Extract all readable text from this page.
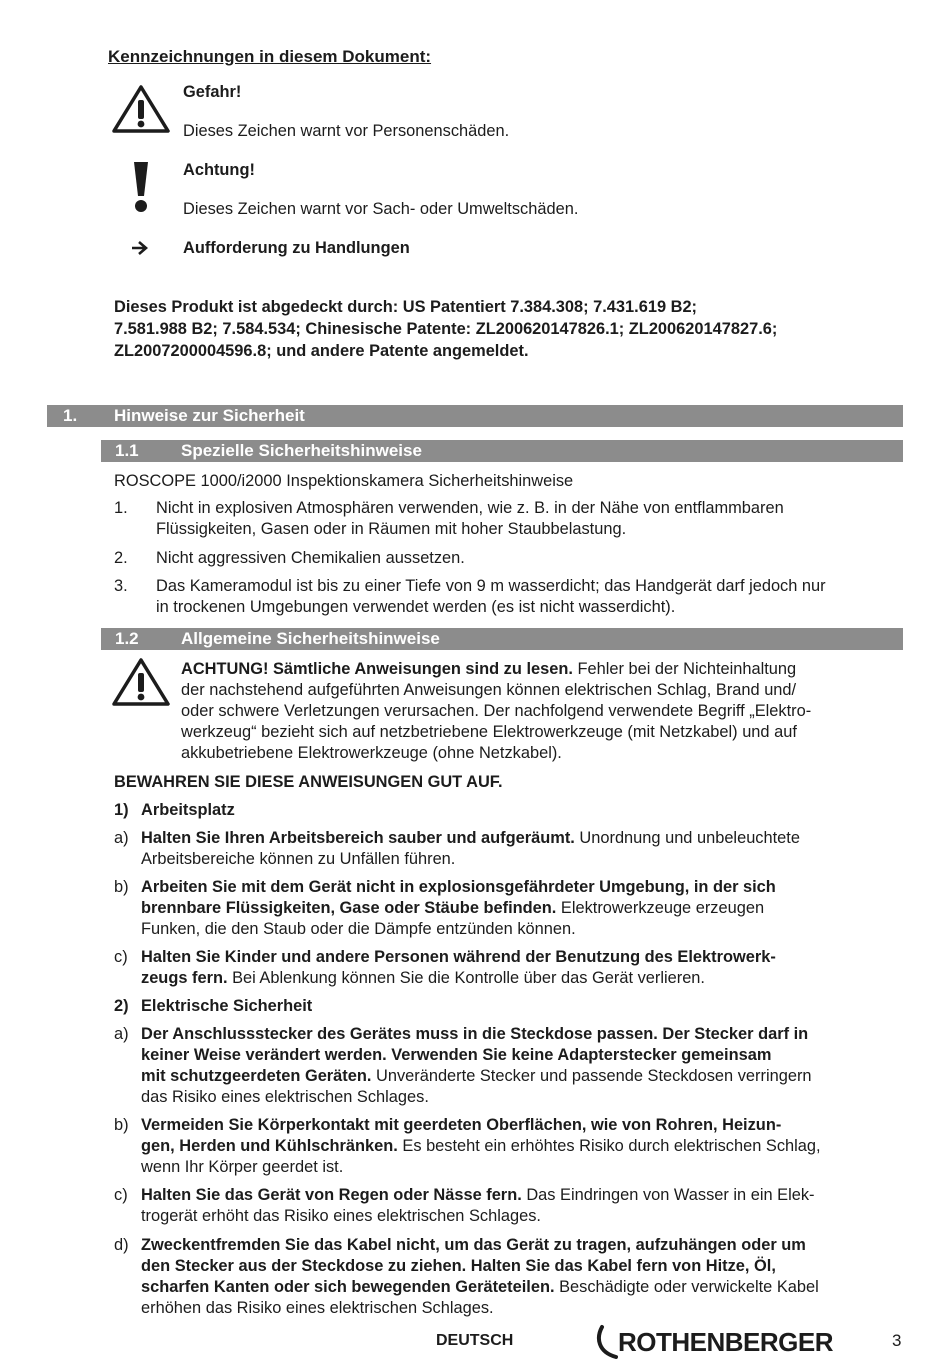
Kennzeichnungen in diesem Dokument:
Gefahr!
Dieses Zeichen warnt vor Personenschäden.
Achtung!
Dieses Zeichen warnt vor Sach- oder Umweltschäden.
Aufforderung zu Handlungen
Dieses Produkt ist abgedeckt durch: US Patentiert 7.384.308; 7.431.619 B2;
7.581.988 B2; 7.584.534; Chinesische Patente: ZL200620147826.1; ZL200620147827.6;
ZL2007200004596.8; und andere Patente angemeldet.
1. Hinweise zur Sicherheit
1.1 Spezielle Sicherheitshinweise
ROSCOPE 1000/i2000 Inspektionskamera Sicherheitshinweise
1. Nicht in explosiven Atmosphären verwenden, wie z. B. in der Nähe von entflammbaren
Flüssigkeiten, Gasen oder in Räumen mit hoher Staubbelastung.
2. Nicht aggressiven Chemikalien aussetzen.
3. Das Kameramodul ist bis zu einer Tiefe von 9 m wasserdicht; das Handgerät darf jedoch nur
in trockenen Umgebungen verwendet werden (es ist nicht wasserdicht).
1.2 Allgemeine Sicherheitshinweise
ACHTUNG! Sämtliche Anweisungen sind zu lesen. Fehler bei der Nichteinhaltung
der nachstehend aufgeführten Anweisungen können elektrischen Schlag, Brand und/
oder schwere Verletzungen verursachen. Der nachfolgend verwendete Begriff „Elektro-
werkzeug“ bezieht sich auf netzbetriebene Elektrowerkzeuge (mit Netzkabel) und auf
akkubetriebene Elektrowerkzeuge (ohne Netzkabel).
BEWAHREN SIE DIESE ANWEISUNGEN GUT AUF.
1) Arbeitsplatz
a) Halten Sie Ihren Arbeitsbereich sauber und aufgeräumt. Unordnung und unbeleuchtete
Arbeitsbereiche können zu Unfällen führen.
b) Arbeiten Sie mit dem Gerät nicht in explosionsgefährdeter Umgebung, in der sich
brennbare Flüssigkeiten, Gase oder Stäube befinden. Elektrowerkzeuge erzeugen
Funken, die den Staub oder die Dämpfe entzünden können.
c) Halten Sie Kinder und andere Personen während der Benutzung des Elektrowerk-
zeugs fern. Bei Ablenkung können Sie die Kontrolle über das Gerät verlieren.
2) Elektrische Sicherheit
a) Der Anschlussstecker des Gerätes muss in die Steckdose passen. Der Stecker darf in
keiner Weise verändert werden. Verwenden Sie keine Adapterstecker gemeinsam
mit schutzgeerdeten Geräten. Unveränderte Stecker und passende Steckdosen verringern
das Risiko eines elektrischen Schlages.
b) Vermeiden Sie Körperkontakt mit geerdeten Oberflächen, wie von Rohren, Heizun-
gen, Herden und Kühlschränken. Es besteht ein erhöhtes Risiko durch elektrischen Schlag,
wenn Ihr Körper geerdet ist.
c) Halten Sie das Gerät von Regen oder Nässe fern. Das Eindringen von Wasser in ein Elek-
trogerät erhöht das Risiko eines elektrischen Schlages.
d) Zweckentfremden Sie das Kabel nicht, um das Gerät zu tragen, aufzuhängen oder um
den Stecker aus der Steckdose zu ziehen. Halten Sie das Kabel fern von Hitze, Öl,
scharfen Kanten oder sich bewegenden Geräteteilen. Beschädigte oder verwickelte Kabel
erhöhen das Risiko eines elektrischen Schlages.
DEUTSCH	ROTHENBERGER	3
